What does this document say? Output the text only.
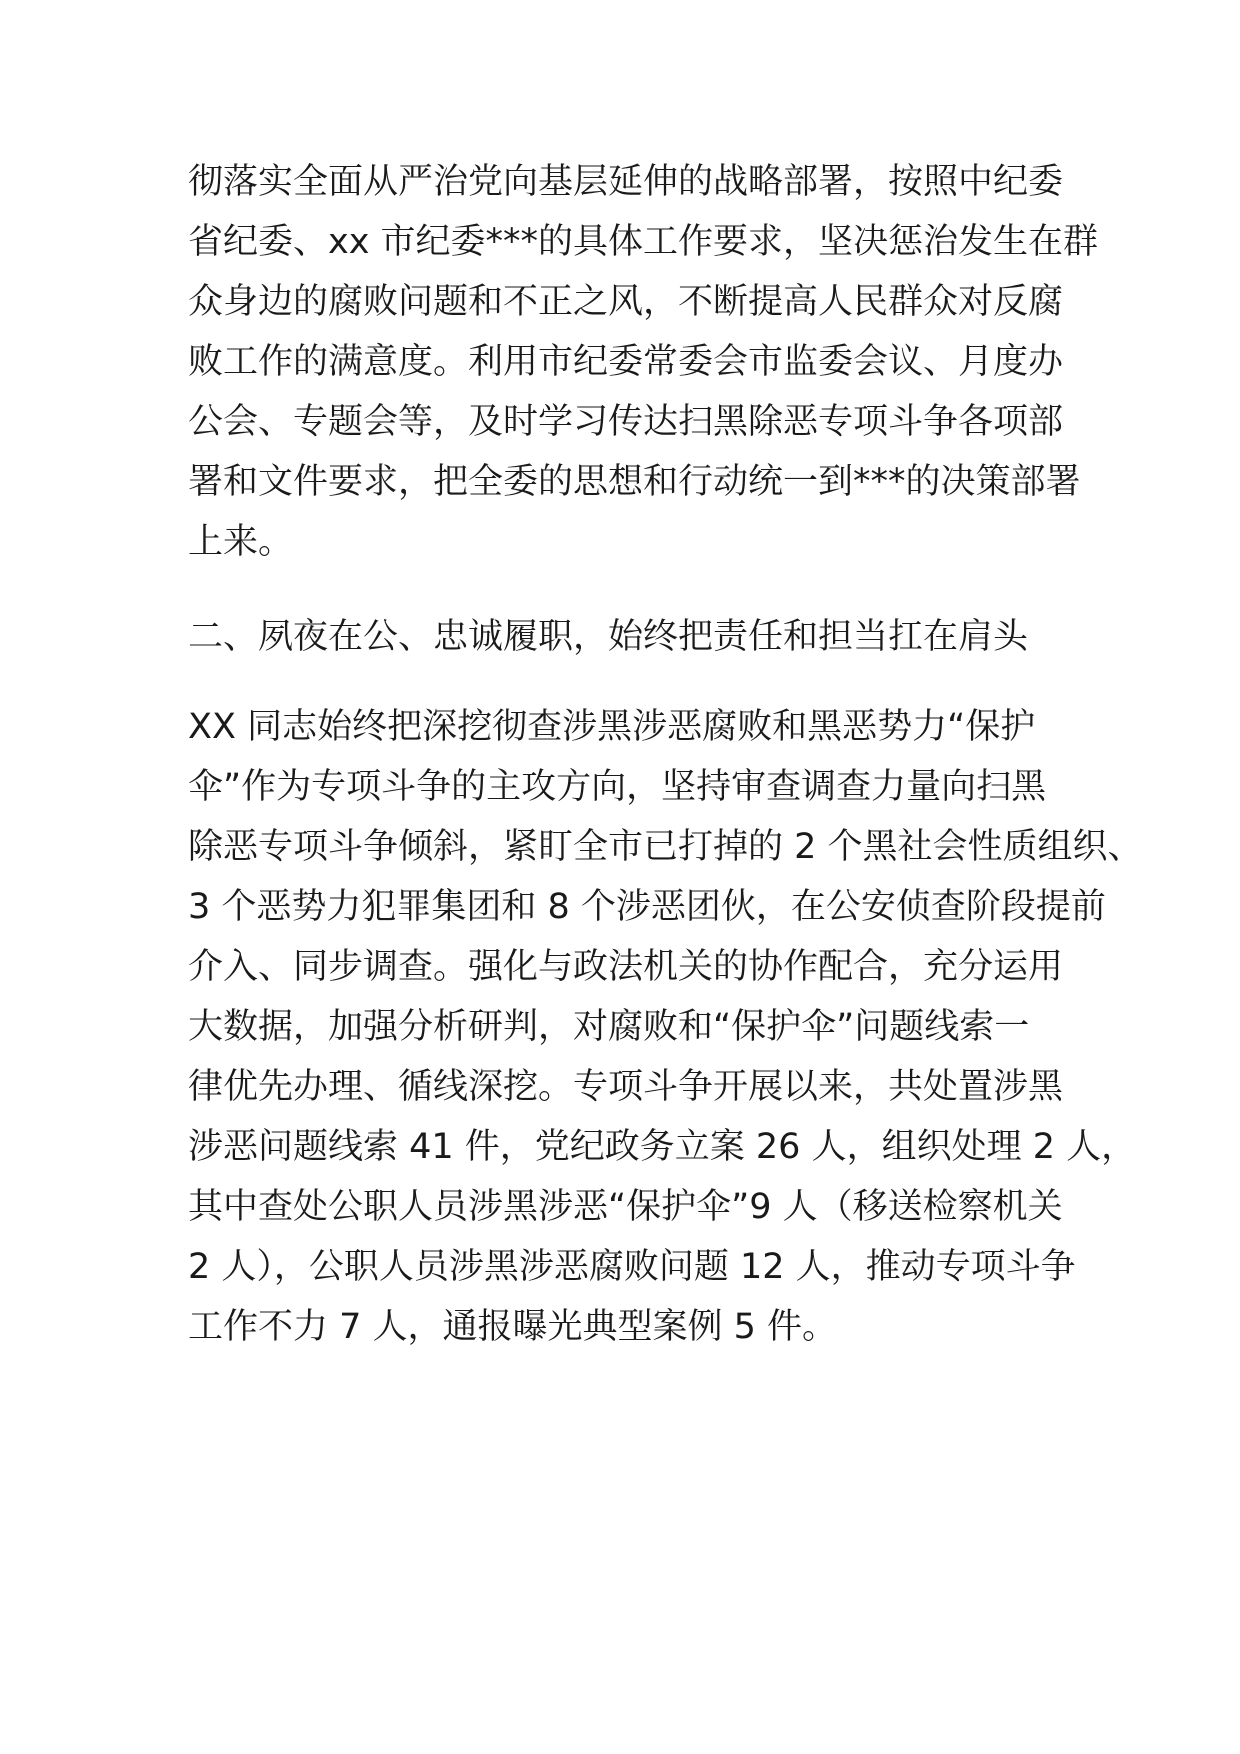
彻落实全面从严治党向基层延伸的战略部署，按照中纪委
省纪委、xx 市纪委***的具体工作要求，坚决惩治发生在群
众身边的腐败问题和不正之风，不断提高人民群众对反腐
败工作的满意度。利用市纪委常委会市监委会议、月度办
公会、专题会等，及时学习传达扫黑除恶专项斗争各项部
署和文件要求，把全委的思想和行动统一到***的决策部署
上来。
二、夙夜在公、忠诚履职，始终把责任和担当扛在肩头
XX 同志始终把深挖彻查涉黑涉恶腐败和黑恶势力“保护
伞”作为专项斗争的主攻方向，坚持审查调查力量向扫黑
除恶专项斗争倾斜，紧盯全市已打掉的 2 个黑社会性质组织、
3 个恶势力犯罪集团和 8 个涉恶团伙，在公安侦查阶段提前
介入、同步调查。强化与政法机关的协作配合，充分运用
大数据，加强分析研判，对腐败和“保护伞”问题线索一
律优先办理、循线深挖。专项斗争开展以来，共处置涉黑
涉恶问题线索 41 件，党纪政务立案 26 人，组织处理 2 人，
其中查处公职人员涉黑涉恶“保护伞”9 人（移送检察机关
2 人），公职人员涉黑涉恶腐败问题 12 人，推动专项斗争
工作不力 7 人，通报曝光典型案例 5 件。
